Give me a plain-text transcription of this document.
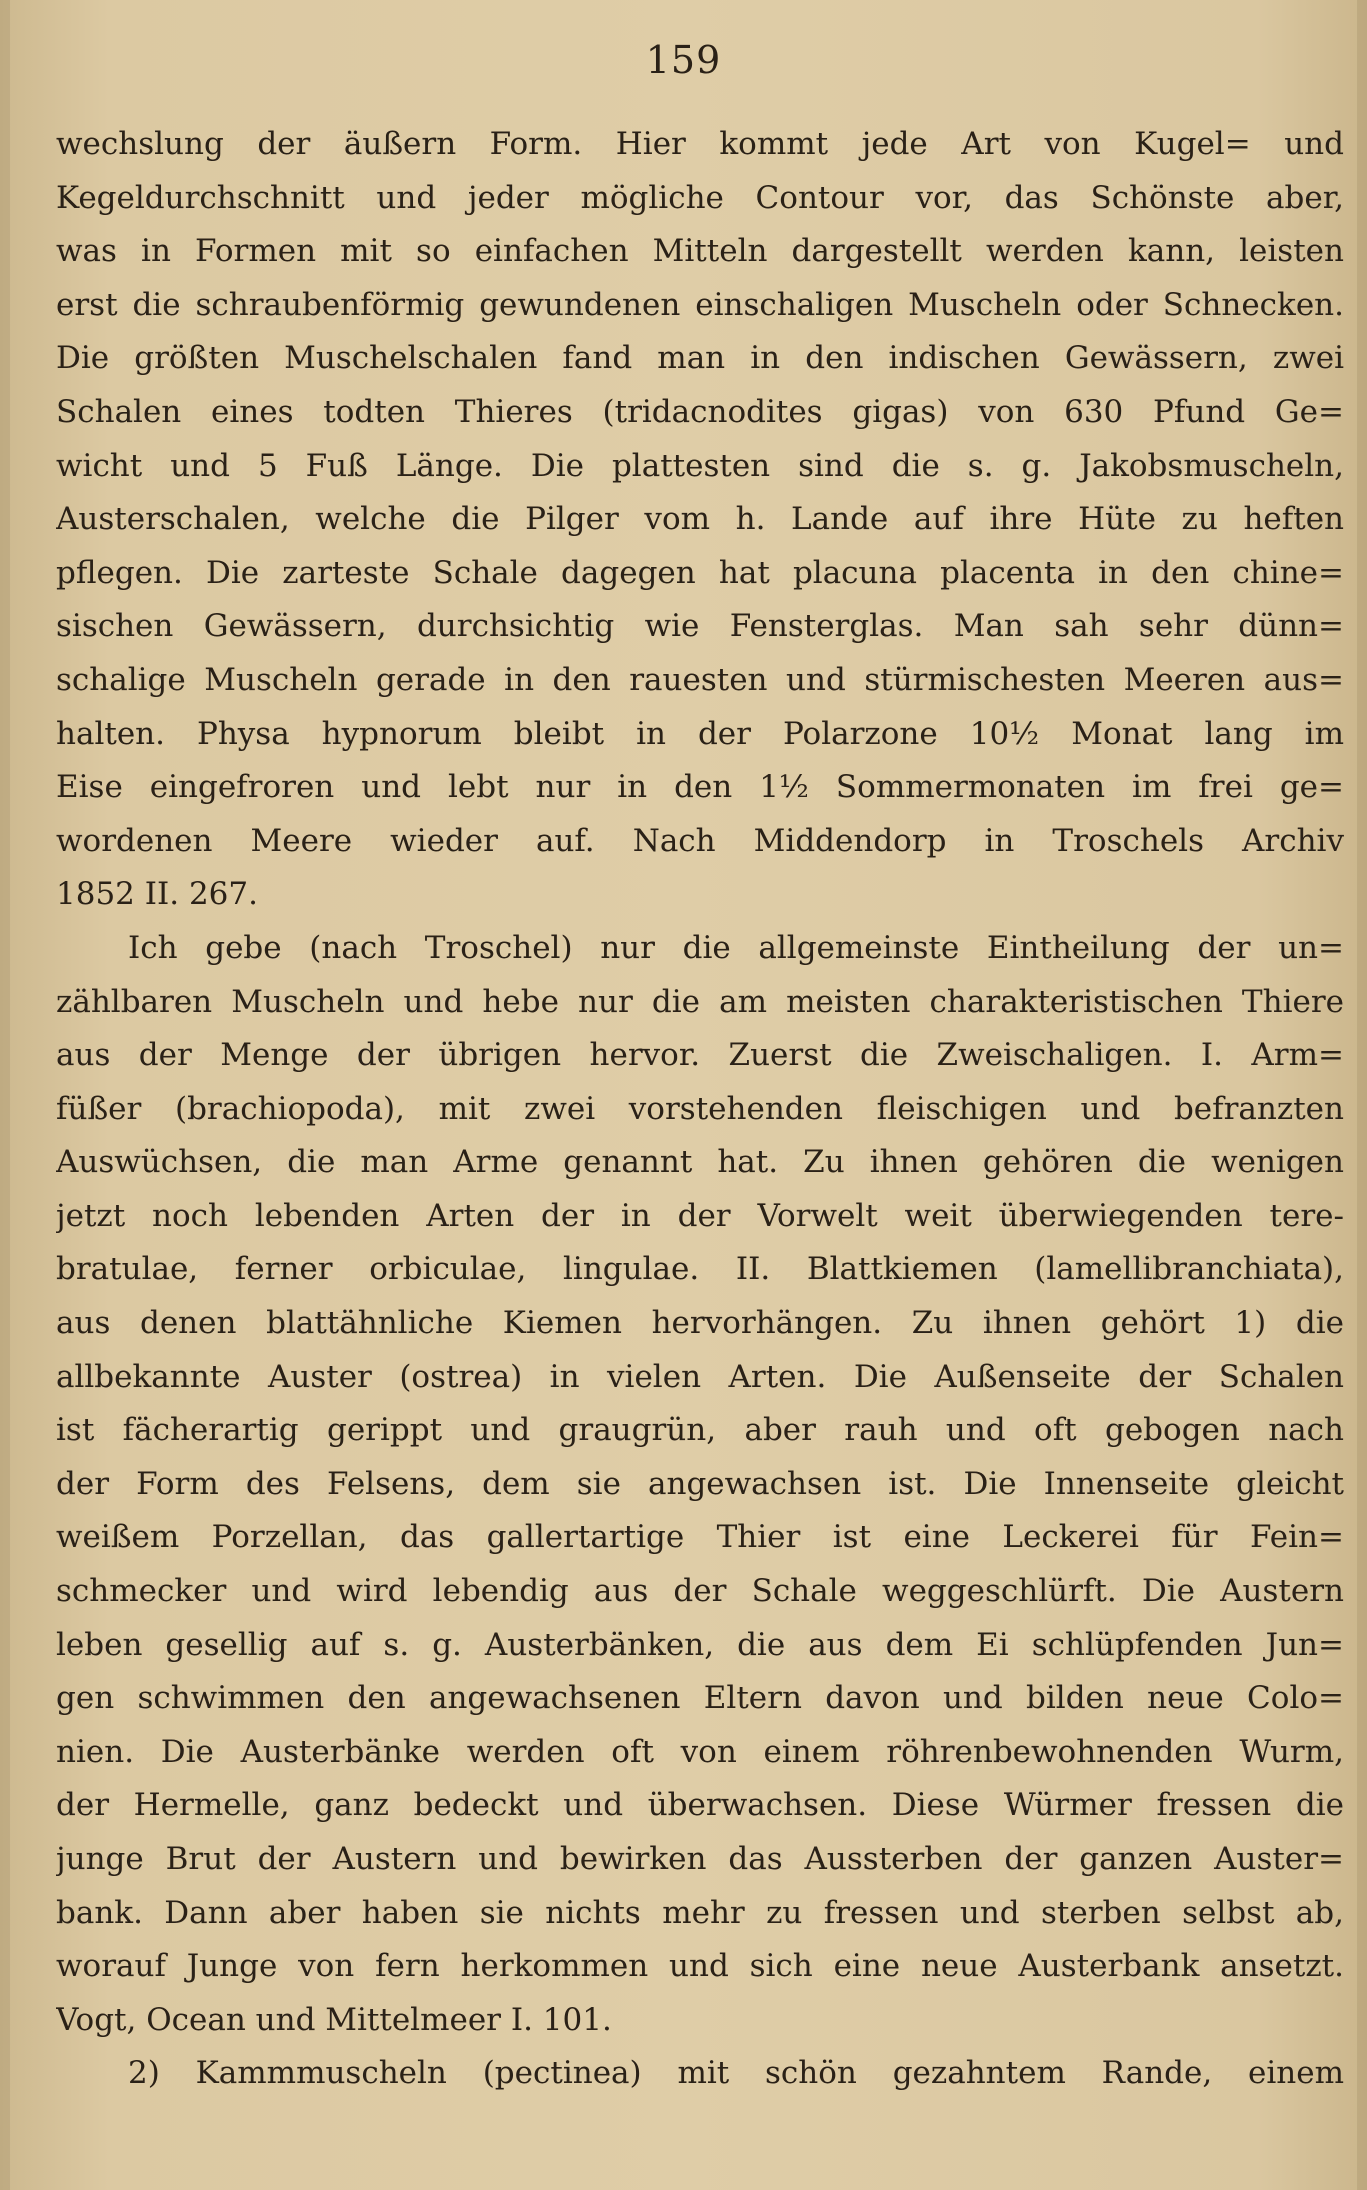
159
wechslung der äußern Form. Hier kommt jede Art von Kugel= und
Kegeldurchschnitt und jeder mögliche Contour vor, das Schönste aber,
was in Formen mit so einfachen Mitteln dargestellt werden kann, leisten
erst die schraubenförmig gewundenen einschaligen Muscheln oder Schnecken.
Die größten Muschelschalen fand man in den indischen Gewässern, zwei
Schalen eines todten Thieres (tridacnodites gigas) von 630 Pfund Ge=
wicht und 5 Fuß Länge. Die plattesten sind die s. g. Jakobsmuscheln,
Austerschalen, welche die Pilger vom h. Lande auf ihre Hüte zu heften
pflegen. Die zarteste Schale dagegen hat placuna placenta in den chine=
sischen Gewässern, durchsichtig wie Fensterglas. Man sah sehr dünn=
schalige Muscheln gerade in den rauesten und stürmischesten Meeren aus=
halten. Physa hypnorum bleibt in der Polarzone 10½ Monat lang im
Eise eingefroren und lebt nur in den 1½ Sommermonaten im frei ge=
wordenen Meere wieder auf. Nach Middendorp in Troschels Archiv
1852 II. 267.
Ich gebe (nach Troschel) nur die allgemeinste Eintheilung der un=
zählbaren Muscheln und hebe nur die am meisten charakteristischen Thiere
aus der Menge der übrigen hervor. Zuerst die Zweischaligen. I. Arm=
füßer (brachiopoda), mit zwei vorstehenden fleischigen und befranzten
Auswüchsen, die man Arme genannt hat. Zu ihnen gehören die wenigen
jetzt noch lebenden Arten der in der Vorwelt weit überwiegenden tere-
bratulae, ferner orbiculae, lingulae. II. Blattkiemen (lamellibranchiata),
aus denen blattähnliche Kiemen hervorhängen. Zu ihnen gehört 1) die
allbekannte Auster (ostrea) in vielen Arten. Die Außenseite der Schalen
ist fächerartig gerippt und graugrün, aber rauh und oft gebogen nach
der Form des Felsens, dem sie angewachsen ist. Die Innenseite gleicht
weißem Porzellan, das gallertartige Thier ist eine Leckerei für Fein=
schmecker und wird lebendig aus der Schale weggeschlürft. Die Austern
leben gesellig auf s. g. Austerbänken, die aus dem Ei schlüpfenden Jun=
gen schwimmen den angewachsenen Eltern davon und bilden neue Colo=
nien. Die Austerbänke werden oft von einem röhrenbewohnenden Wurm,
der Hermelle, ganz bedeckt und überwachsen. Diese Würmer fressen die
junge Brut der Austern und bewirken das Aussterben der ganzen Auster=
bank. Dann aber haben sie nichts mehr zu fressen und sterben selbst ab,
worauf Junge von fern herkommen und sich eine neue Austerbank ansetzt.
Vogt, Ocean und Mittelmeer I. 101.
2) Kammmuscheln (pectinea) mit schön gezahntem Rande, einem
